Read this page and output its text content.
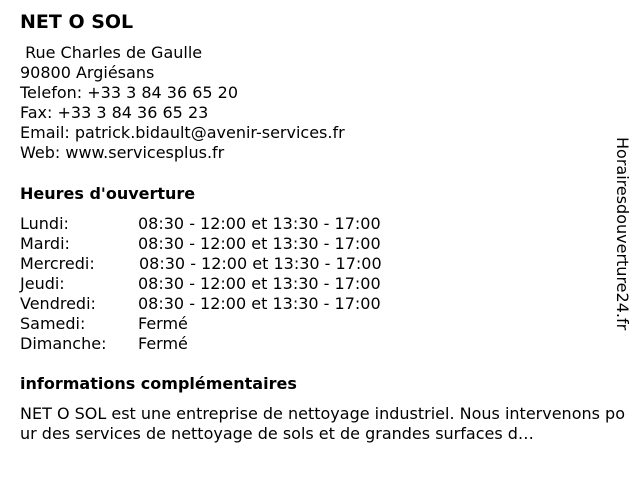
NET O SOL
Rue Charles de Gaulle
90800 Argiésans
Telefon: +33 3 84 36 65 20
Fax: +33 3 84 36 65 23
Email: patrick.bidault@avenir-services.fr
Web: www.servicesplus.fr
Heures d'ouverture
Lundi:	08:30 - 12:00 et 13:30 - 17:00
Mardi:	08:30 - 12:00 et 13:30 - 17:00
Mercredi:	08:30 - 12:00 et 13:30 - 17:00
Jeudi:	08:30 - 12:00 et 13:30 - 17:00
Vendredi:	08:30 - 12:00 et 13:30 - 17:00
Samedi:	Fermé
Dimanche: Fermé
informations complémentaires

NET O SOL est une entreprise de nettoyage industriel. Nous intervenons pour des services de nettoyage de sols et de grandes surfaces d…

Horairesdouverture24.fr
